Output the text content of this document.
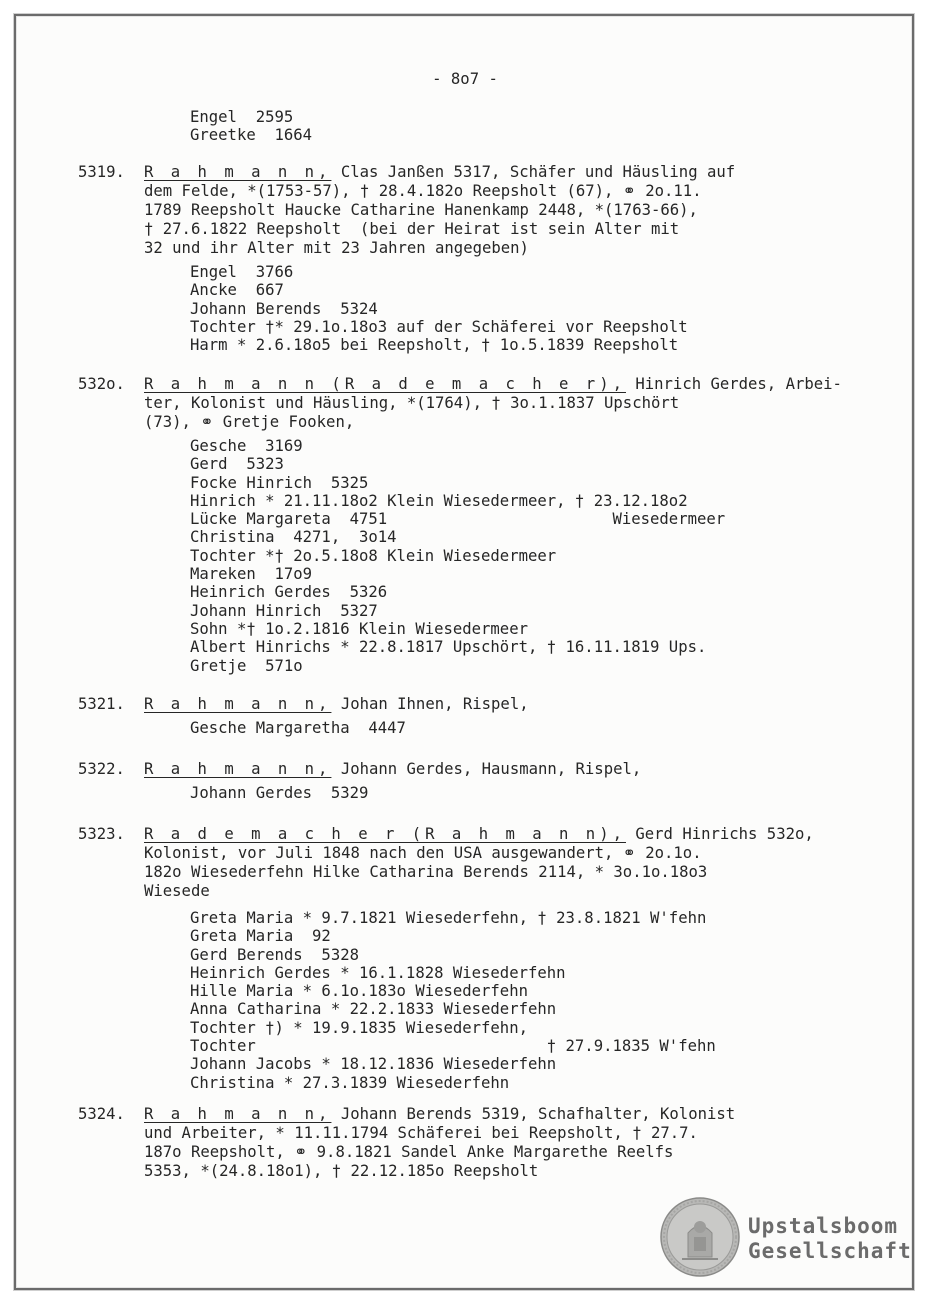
- 8o7 -
Engel  2595
Greetke  1664
5319.	R a h m a n n, Clas Janßen 5317, Schäfer und Häusling auf
dem Felde, *(1753-57), † 28.4.182o Reepsholt (67), ⚭ 2o.11.
1789 Reepsholt Haucke Catharine Hanenkamp 2448, *(1763-66),
† 27.6.1822 Reepsholt  (bei der Heirat ist sein Alter mit
32 und ihr Alter mit 23 Jahren angegeben)
Engel  3766
Ancke  667
Johann Berends  5324
Tochter †* 29.1o.18o3 auf der Schäferei vor Reepsholt
Harm * 2.6.18o5 bei Reepsholt, † 1o.5.1839 Reepsholt
532o.	R a h m a n n (R a d e m a c h e r), Hinrich Gerdes, Arbei-
ter, Kolonist und Häusling, *(1764), † 3o.1.1837 Upschört
(73), ⚭ Gretje Fooken,
Gesche  3169
Gerd  5323
Focke Hinrich  5325
Hinrich * 21.11.18o2 Klein Wiesedermeer, † 23.12.18o2
Lücke Margareta  4751                        Wiesedermeer
Christina  4271,  3o14
Tochter *† 2o.5.18o8 Klein Wiesedermeer
Mareken  17o9
Heinrich Gerdes  5326
Johann Hinrich  5327
Sohn *† 1o.2.1816 Klein Wiesedermeer
Albert Hinrichs * 22.8.1817 Upschört, † 16.11.1819 Ups.
Gretje  571o
5321.	R a h m a n n, Johan Ihnen, Rispel,
Gesche Margaretha  4447
5322.	R a h m a n n, Johann Gerdes, Hausmann, Rispel,
Johann Gerdes  5329
5323.	R a d e m a c h e r (R a h m a n n), Gerd Hinrichs 532o,
Kolonist, vor Juli 1848 nach den USA ausgewandert, ⚭ 2o.1o.
182o Wiesederfehn Hilke Catharina Berends 2114, * 3o.1o.18o3
Wiesede
Greta Maria * 9.7.1821 Wiesederfehn, † 23.8.1821 W'fehn
Greta Maria  92
Gerd Berends  5328
Heinrich Gerdes * 16.1.1828 Wiesederfehn
Hille Maria * 6.1o.183o Wiesederfehn
Anna Catharina * 22.2.1833 Wiesederfehn
Tochter †) * 19.9.1835 Wiesederfehn,
Tochter                               † 27.9.1835 W'fehn
Johann Jacobs * 18.12.1836 Wiesederfehn
Christina * 27.3.1839 Wiesederfehn
5324.	R a h m a n n, Johann Berends 5319, Schafhalter, Kolonist
und Arbeiter, * 11.11.1794 Schäferei bei Reepsholt, † 27.7.
187o Reepsholt, ⚭ 9.8.1821 Sandel Anke Margarethe Reelfs
5353, *(24.8.18o1), † 22.12.185o Reepsholt
Upstalsboom
Gesellschaft
